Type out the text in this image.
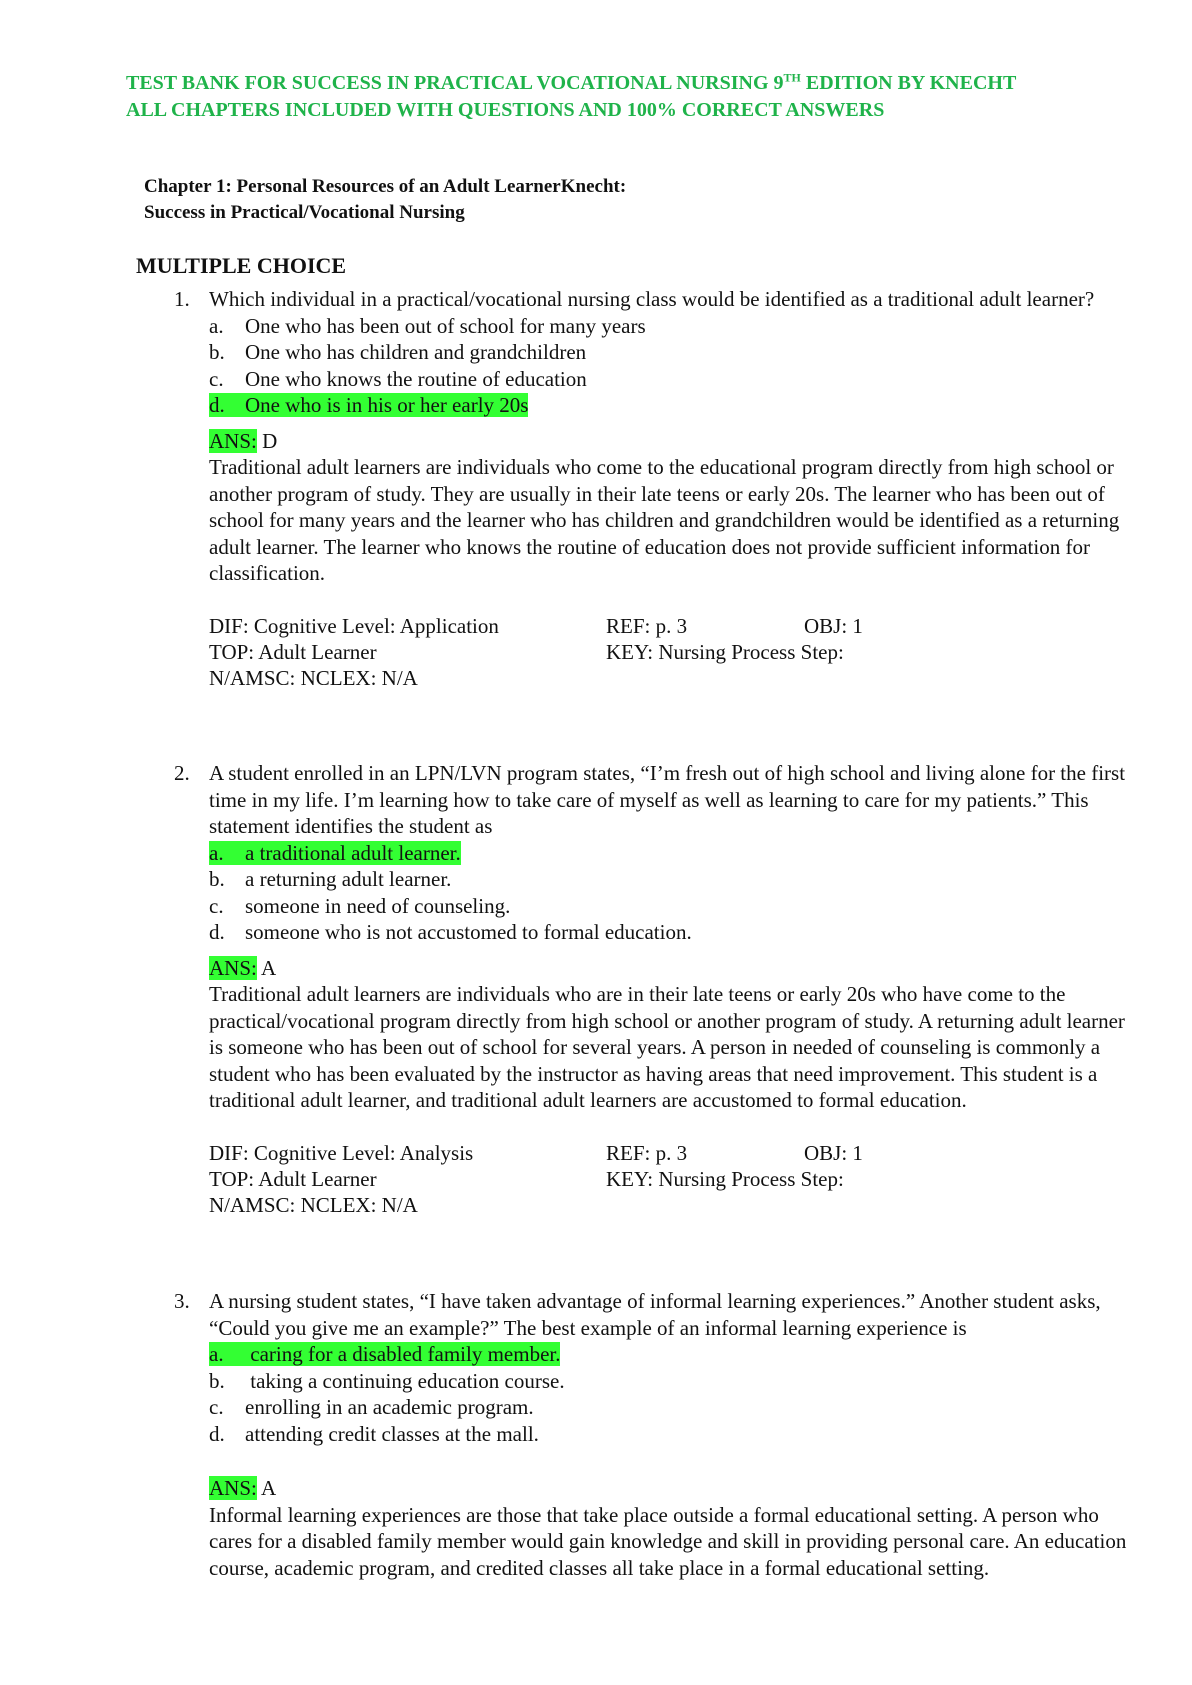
TEST BANK FOR SUCCESS IN PRACTICAL VOCATIONAL NURSING 9TH EDITION BY KNECHT
ALL CHAPTERS INCLUDED WITH QUESTIONS AND 100% CORRECT ANSWERS
Chapter 1: Personal Resources of an Adult LearnerKnecht:
Success in Practical/Vocational Nursing
MULTIPLE CHOICE
1. Which individual in a practical/vocational nursing class would be identified as a traditional adult learner?

a. One who has been out of school for many years

b. One who has children and grandchildren

c. One who knows the routine of education

d. One who is in his or her early 20s

ANS: D

Traditional adult learners are individuals who come to the educational program directly from high school or another program of study. They are usually in their late teens or early 20s. The learner who has been out of school for many years and the learner who has children and grandchildren would be identified as a returning adult learner. The learner who knows the routine of education does not provide sufficient information for classification.

DIF: Cognitive Level: Application	REF: p. 3	OBJ: 1
TOP: Adult Learner	KEY: Nursing Process Step:
N/AMSC: NCLEX: N/A
2. A student enrolled in an LPN/LVN program states, “I’m fresh out of high school and living alone for the first time in my life. I’m learning how to take care of myself as well as learning to care for my patients.” This statement identifies the student as

a. a traditional adult learner.

b. a returning adult learner.

c. someone in need of counseling.

d. someone who is not accustomed to formal education.

ANS: A

Traditional adult learners are individuals who are in their late teens or early 20s who have come to the practical/vocational program directly from high school or another program of study. A returning adult learner is someone who has been out of school for several years. A person in needed of counseling is commonly a student who has been evaluated by the instructor as having areas that need improvement. This student is a traditional adult learner, and traditional adult learners are accustomed to formal education.

DIF: Cognitive Level: Analysis	REF: p. 3	OBJ: 1
TOP: Adult Learner	KEY: Nursing Process Step:
N/AMSC: NCLEX: N/A
3. A nursing student states, “I have taken advantage of informal learning experiences.” Another student asks, “Could you give me an example?” The best example of an informal learning experience is

a. caring for a disabled family member.

b. taking a continuing education course.

c. enrolling in an academic program.

d. attending credit classes at the mall.

ANS: A

Informal learning experiences are those that take place outside a formal educational setting. A person who cares for a disabled family member would gain knowledge and skill in providing personal care. An education course, academic program, and credited classes all take place in a formal educational setting.
